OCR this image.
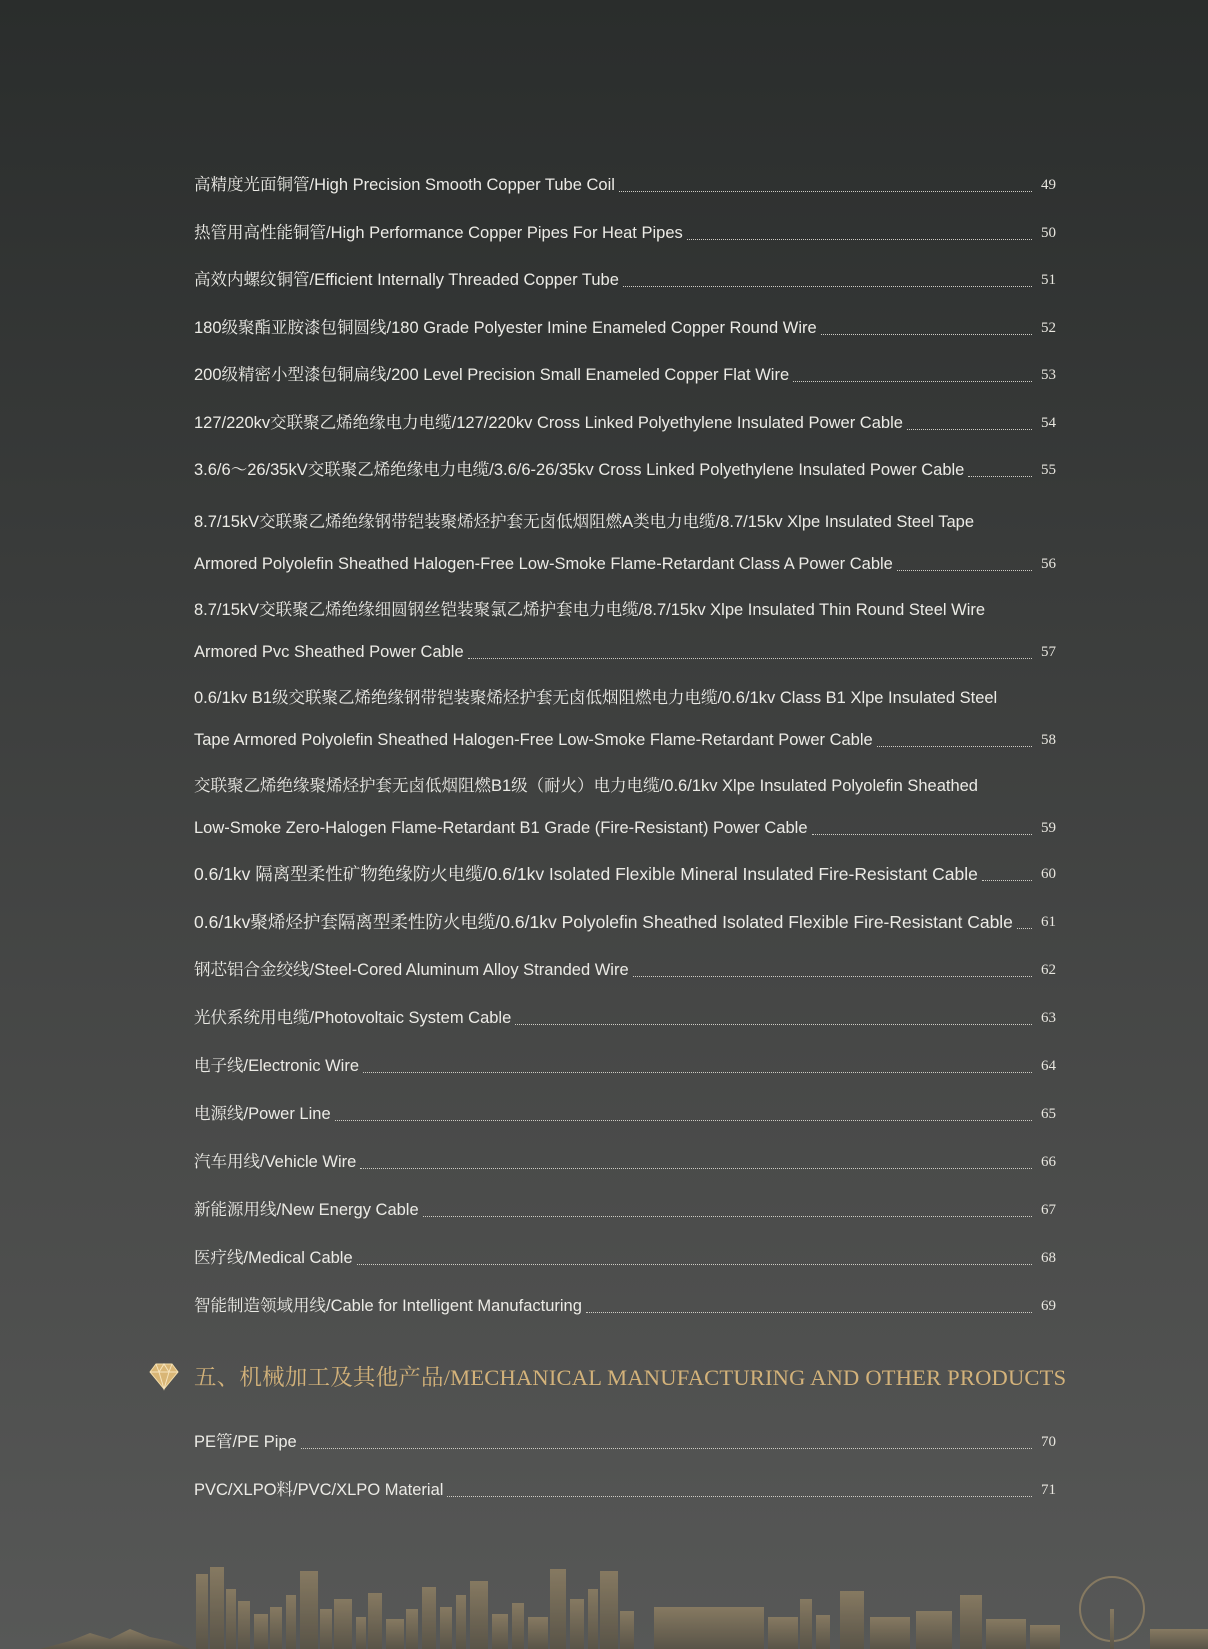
高精度光面铜管/High Precision Smooth Copper Tube Coil	49
热管用高性能铜管/High Performance Copper Pipes For Heat Pipes	50
高效内螺纹铜管/Efficient Internally Threaded Copper Tube	51
180级聚酯亚胺漆包铜圆线/180 Grade Polyester Imine Enameled Copper Round Wire	52
200级精密小型漆包铜扁线/200 Level Precision Small Enameled Copper Flat Wire	53
127/220kv交联聚乙烯绝缘电力电缆/127/220kv Cross Linked Polyethylene Insulated Power Cable	54
3.6/6～26/35kV交联聚乙烯绝缘电力电缆/3.6/6-26/35kv Cross Linked Polyethylene Insulated Power Cable	55
8.7/15kV交联聚乙烯绝缘钢带铠装聚烯烃护套无卤低烟阻燃A类电力电缆/8.7/15kv Xlpe Insulated Steel Tape
Armored Polyolefin Sheathed Halogen-Free Low-Smoke Flame-Retardant Class A Power Cable	56
8.7/15kV交联聚乙烯绝缘细圆钢丝铠装聚氯乙烯护套电力电缆/8.7/15kv Xlpe Insulated Thin Round Steel Wire
Armored Pvc Sheathed Power Cable	57
0.6/1kv B1级交联聚乙烯绝缘钢带铠装聚烯烃护套无卤低烟阻燃电力电缆/0.6/1kv Class B1 Xlpe Insulated Steel
Tape Armored Polyolefin Sheathed Halogen-Free Low-Smoke Flame-Retardant Power Cable	58
交联聚乙烯绝缘聚烯烃护套无卤低烟阻燃B1级（耐火）电力电缆/0.6/1kv Xlpe Insulated Polyolefin Sheathed
Low-Smoke Zero-Halogen Flame-Retardant B1 Grade (Fire-Resistant) Power Cable	59
0.6/1kv 隔离型柔性矿物绝缘防火电缆/0.6/1kv Isolated Flexible Mineral Insulated Fire-Resistant Cable	60
0.6/1kv聚烯烃护套隔离型柔性防火电缆/0.6/1kv Polyolefin Sheathed Isolated Flexible Fire-Resistant Cable	61
钢芯铝合金绞线/Steel-Cored Aluminum Alloy Stranded Wire	62
光伏系统用电缆/Photovoltaic System Cable	63
电子线/Electronic Wire	64
电源线/Power Line	65
汽车用线/Vehicle Wire	66
新能源用线/New Energy Cable	67
医疗线/Medical Cable	68
智能制造领域用线/Cable for Intelligent Manufacturing	69
五、机械加工及其他产品/MECHANICAL MANUFACTURING AND OTHER PRODUCTS
PE管/PE Pipe	70
PVC/XLPO料/PVC/XLPO Material	71
